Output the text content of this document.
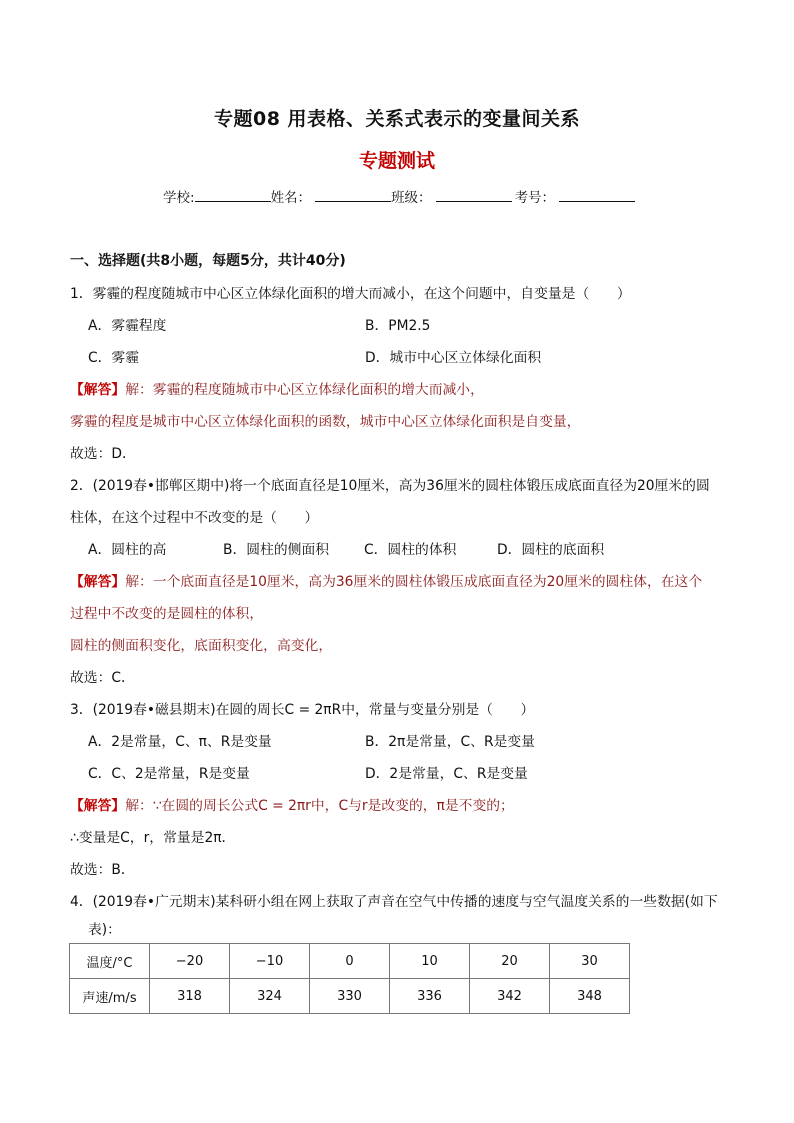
专题08 用表格、关系式表示的变量间关系
专题测试
学校:	姓名：	班级：	考号：
一、选择题(共8小题，每题5分，共计40分)
1．雾霾的程度随城市中心区立体绿化面积的增大而减小，在这个问题中，自变量是（　　）
A．雾霾程度	B．PM2.5
C．雾霾	D．城市中心区立体绿化面积
【解答】解：雾霾的程度随城市中心区立体绿化面积的增大而减小，
雾霾的程度是城市中心区立体绿化面积的函数，城市中心区立体绿化面积是自变量，
故选：D．
2．(2019春•邯郸区期中)将一个底面直径是10厘米，高为36厘米的圆柱体锻压成底面直径为20厘米的圆
柱体，在这个过程中不改变的是（　　）
A．圆柱的高	B．圆柱的侧面积	C．圆柱的体积	D．圆柱的底面积
【解答】解：一个底面直径是10厘米，高为36厘米的圆柱体锻压成底面直径为20厘米的圆柱体，在这个
过程中不改变的是圆柱的体积，
圆柱的侧面积变化，底面积变化，高变化，
故选：C．
3．(2019春•磁县期末)在圆的周长C = 2πR中，常量与变量分别是（　　）
A．2是常量，C、π、R是变量	B．2π是常量，C、R是变量
C．C、2是常量，R是变量	D．2是常量，C、R是变量
【解答】解：∵在圆的周长公式C = 2πr中，C与r是改变的，π是不变的；
∴变量是C，r，常量是2π．
故选：B．
4．(2019春•广元期末)某科研小组在网上获取了声音在空气中传播的速度与空气温度关系的一些数据(如下
表)：
温度/°C	−20	−10	0	10	20	30
声速/m/s	318	324	330	336	342	348
